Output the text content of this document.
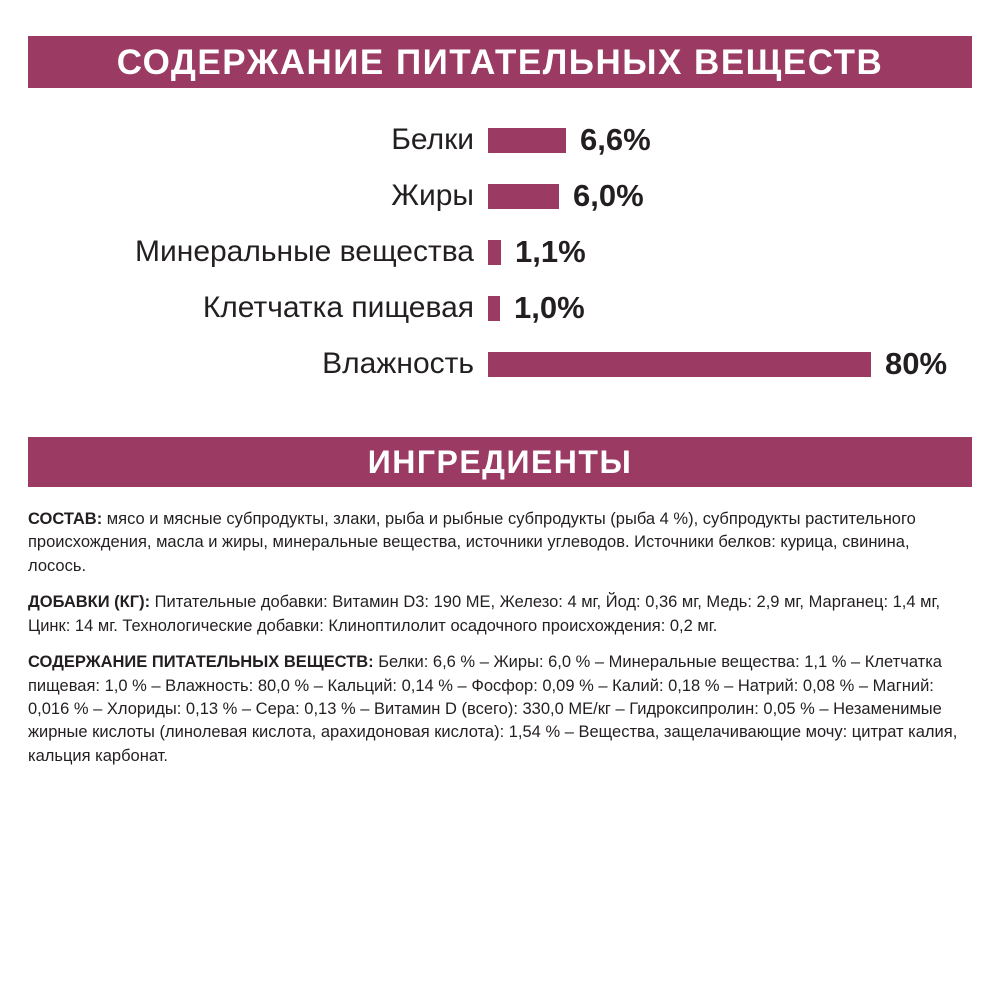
СОДЕРЖАНИЕ ПИТАТЕЛЬНЫХ ВЕЩЕСТВ
Белки	6,6%
Жиры	6,0%
Минеральные вещества	1,1%
Клетчатка пищевая	1,0%
Влажность	80%
ИНГРЕДИЕНТЫ

СОСТАВ: мясо и мясные субпродукты, злаки, рыба и рыбные субпродукты (рыба 4 %), субпродукты растительного происхождения, масла и жиры, минеральные вещества, источники углеводов. Источники белков: курица, свинина, лосось.

ДОБАВКИ (КГ): Питательные добавки: Витамин D3: 190 МЕ, Железо: 4 мг, Йод: 0,36 мг, Медь: 2,9 мг, Марганец: 1,4 мг, Цинк: 14 мг. Технологические добавки: Клиноптилолит осадочного происхождения: 0,2 мг.

СОДЕРЖАНИЕ ПИТАТЕЛЬНЫХ ВЕЩЕСТВ: Белки: 6,6 % – Жиры: 6,0 % – Минеральные вещества: 1,1 % – Клетчатка пищевая: 1,0 % – Влажность: 80,0 % – Кальций: 0,14 % – Фосфор: 0,09 % – Калий: 0,18 % – Натрий: 0,08 % – Магний: 0,016 % – Хлориды: 0,13 % – Сера: 0,13 % – Витамин D (всего): 330,0 МЕ/кг – Гидроксипролин: 0,05 % – Незаменимые жирные кислоты (линолевая кислота, арахидоновая кислота): 1,54 % – Вещества, защелачивающие мочу: цитрат калия, кальция карбонат.
